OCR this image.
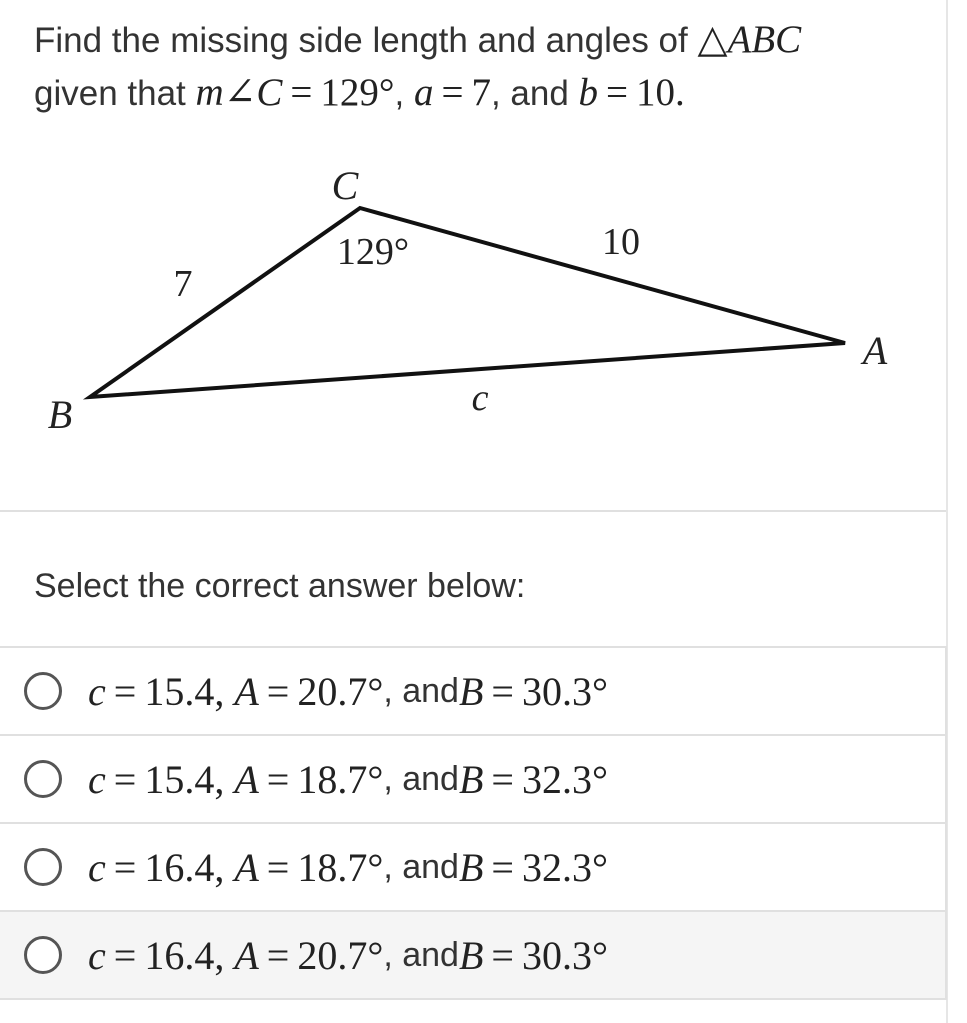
Find the missing side length and angles of △ABC
given that m∠C = 129°, a = 7, and b = 10.
C
B
A
129°
7
10
c
Select the correct answer below:
c = 15.4, A = 20.7° , and B = 30.3°
c = 15.4, A = 18.7° , and B = 32.3°
c = 16.4, A = 18.7° , and B = 32.3°
c = 16.4, A = 20.7° , and B = 30.3°
